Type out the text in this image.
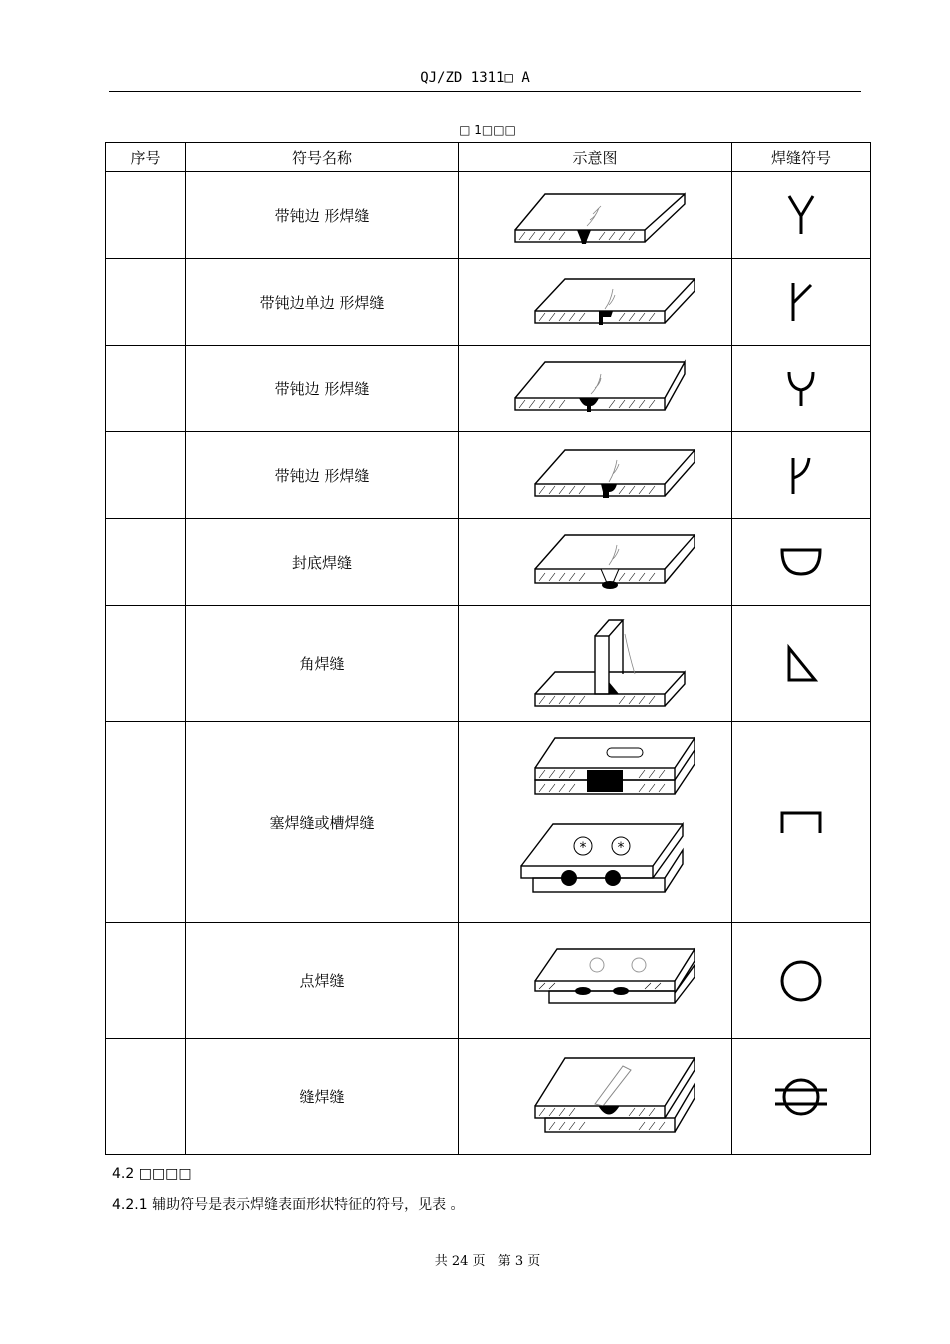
QJ/ZD 1311□ A
□ 1□□□
序号	符号名称	示意图	焊缝符号
	带钝边 形焊缝	

	带钝边单边 形焊缝	

	带钝边 形焊缝	

	带钝边 形焊缝	

	封底焊缝	

	角焊缝	

	塞焊缝或槽焊缝	* *

	点焊缝	

	缝焊缝	

4.2 □□□□
4.2.1 辅助符号是表示焊缝表面形状特征的符号，见表 。
共 24 页 第 3 页
